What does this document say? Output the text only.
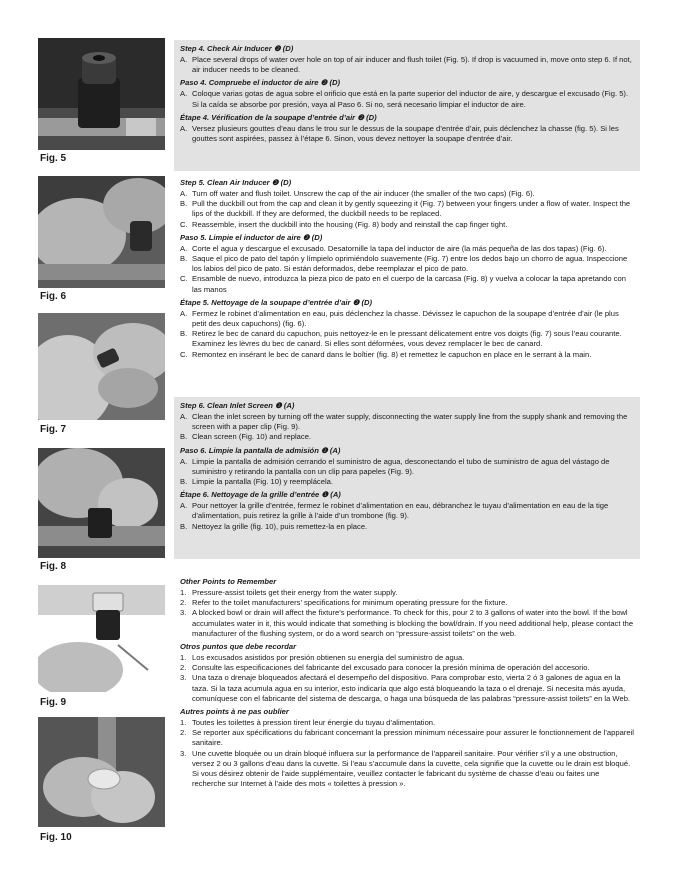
Fig. 5
Fig. 6
Fig. 7
Fig. 8
Fig. 9
Fig. 10
Step 4. Check Air Inducer ❷ (D)
A. Place several drops of water over hole on top of air inducer and flush toilet (Fig. 5). If drop is vacuumed in, move onto step 6. If not, air inducer needs to be cleaned.
Paso 4. Compruebe el inductor de aire ❷ (D)
A. Coloque varias gotas de agua sobre el orificio que está en la parte superior del inductor de aire, y descargue el excusado (Fig. 5). Si la caída se absorbe por presión, vaya al Paso 6. Si no, será necesario limpiar el inductor de aire.
Étape 4. Vérification de la soupape d’entrée d’air ❷ (D)
A. Versez plusieurs gouttes d’eau dans le trou sur le dessus de la soupape d’entrée d’air, puis déclenchez la chasse (fig. 5). Si les gouttes sont aspirées, passez à l’étape 6. Sinon, vous devez nettoyer la soupape d’entrée d’air.
Step 5. Clean Air Inducer ❷ (D)
A. Turn off water and flush toilet. Unscrew the cap of the air inducer (the smaller of the two caps) (Fig. 6).
B. Pull the duckbill out from the cap and clean it by gently squeezing it (Fig. 7) between your fingers under a flow of water. Inspect the lips of the duckbill. If they are deformed, the duckbill needs to be replaced.
C. Reassemble, insert the duckbill into the housing (Fig. 8) body and reinstall the cap finger tight.
Paso 5. Limpie el inductor de aire ❷ (D)
A. Corte el agua y descargue el excusado. Desatornille la tapa del inductor de aire (la más pequeña de las dos tapas) (Fig. 6).
B. Saque el pico de pato del tapón y límpielo oprimiéndolo suavemente (Fig. 7) entre los dedos bajo un chorro de agua. Inspeccione los labios del pico de pato. Si están deformados, debe reemplazar el pico de pato.
C. Ensamble de nuevo, introduzca la pieza pico de pato en el cuerpo de la carcasa (Fig. 8) y vuelva a colocar la tapa apretando con las manos
Étape 5. Nettoyage de la soupape d’entrée d’air ❷ (D)
A. Fermez le robinet d’alimentation en eau, puis déclenchez la chasse. Dévissez le capuchon de la soupape d’entrée d’air (le plus petit des deux capuchons) (fig. 6).
B. Retirez le bec de canard du capuchon, puis nettoyez-le en le pressant délicatement entre vos doigts (fig. 7) sous l’eau courante. Examinez les lèvres du bec de canard. Si elles sont déformées, vous devez remplacer le bec de canard.
C. Remontez en insérant le bec de canard dans le boîtier (fig. 8) et remettez le capuchon en place en le serrant à la main.
Step 6. Clean Inlet Screen ❶ (A)
A. Clean the inlet screen by turning off the water supply, disconnecting the water supply line from the supply shank and removing the screen with a paper clip (Fig. 9).
B. Clean screen (Fig. 10) and replace.
Paso 6. Limpie la pantalla de admisión ❶ (A)
A. Limpie la pantalla de admisión cerrando el suministro de agua, desconectando el tubo de suministro de agua del vástago de suministro y retirando la pantalla con un clip para papeles (Fig. 9).
B. Limpie la pantalla (Fig. 10) y reemplácela.
Étape 6. Nettoyage de la grille d’entrée ❶ (A)
A. Pour nettoyer la grille d’entrée, fermez le robinet d’alimentation en eau, débranchez le tuyau d’alimentation en eau de la tige d’alimentation, puis retirez la grille à l’aide d’un trombone (fig. 9).
B. Nettoyez la grille (fig. 10), puis remettez-la en place.
Other Points to Remember
1. Pressure-assist toilets get their energy from the water supply.
2. Refer to the toilet manufacturers’ specifications for minimum operating pressure for the fixture.
3. A blocked bowl or drain will affect the fixture’s performance. To check for this, pour 2 to 3 gallons of water into the bowl. If the bowl accumulates water in it, this would indicate that something is blocking the bowl/drain. If you need additional help, please contact the manufacturer of the flushing system, or do a word search on “pressure-assist toilets” on the web.
Otros puntos que debe recordar
1. Los excusados asistidos por presión obtienen su energía del suministro de agua.
2. Consulte las especificaciones del fabricante del excusado para conocer la presión mínima de operación del accesorio.
3. Una taza o drenaje bloqueados afectará el desempeño del dispositivo. Para comprobar esto, vierta 2 ó 3 galones de agua en la taza. Si la taza acumula agua en su interior, esto indicaría que algo está bloqueando la taza o el drenaje. Si necesita más ayuda, comuníquese con el fabricante del sistema de descarga, o haga una búsqueda de las palabras “pressure-assist toilets” en la Web.
Autres points à ne pas oublier
1. Toutes les toilettes à pression tirent leur énergie du tuyau d’alimentation.
2. Se reporter aux spécifications du fabricant concernant la pression minimum nécessaire pour assurer le fonctionnement de l’appareil sanitaire.
3. Une cuvette bloquée ou un drain bloqué influera sur la performance de l’appareil sanitaire. Pour vérifier s’il y a une obstruction, versez 2 ou 3 gallons d’eau dans la cuvette. Si l’eau s’accumule dans la cuvette, cela signifie que la cuvette ou le drain est bloqué. Si vous désirez obtenir de l’aide supplémentaire, veuillez contacter le fabricant du système de chasse d’eau ou faites une recherche sur Internet à l’aide des mots « toilettes à pression ».
